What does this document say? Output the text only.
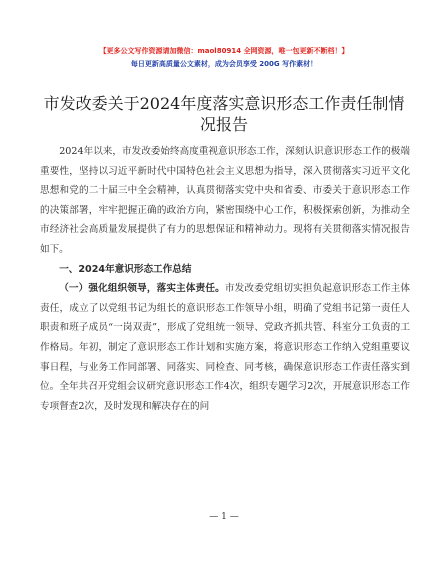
【更多公文写作资源请加微信：maol80914 全网资源，唯一包更新不断档！】
每日更新高质量公文素材，成为会员享受 200G 写作素材！
市发改委关于2024年度落实意识形态工作责任制情况报告

2024年以来，市发改委始终高度重视意识形态工作，深刻认识意识形态工作的极端重要性，坚持以习近平新时代中国特色社会主义思想为指导，深入贯彻落实习近平文化思想和党的二十届三中全会精神，认真贯彻落实党中央和省委、市委关于意识形态工作的决策部署，牢牢把握正确的政治方向，紧密围绕中心工作，积极探索创新，为推动全市经济社会高质量发展提供了有力的思想保证和精神动力。现将有关贯彻落实情况报告如下。

一、2024年意识形态工作总结

（一）强化组织领导，落实主体责任。市发改委党组切实担负起意识形态工作主体责任，成立了以党组书记为组长的意识形态工作领导小组，明确了党组书记第一责任人职责和班子成员“一岗双责”，形成了党组统一领导、党政齐抓共管、科室分工负责的工作格局。年初，制定了意识形态工作计划和实施方案，将意识形态工作纳入党组重要议事日程，与业务工作同部署、同落实、同检查、同考核，确保意识形态工作责任落实到位。全年共召开党组会议研究意识形态工作4次，组织专题学习2次，开展意识形态工作专项督查2次，及时发现和解决存在的问

— 1 —
